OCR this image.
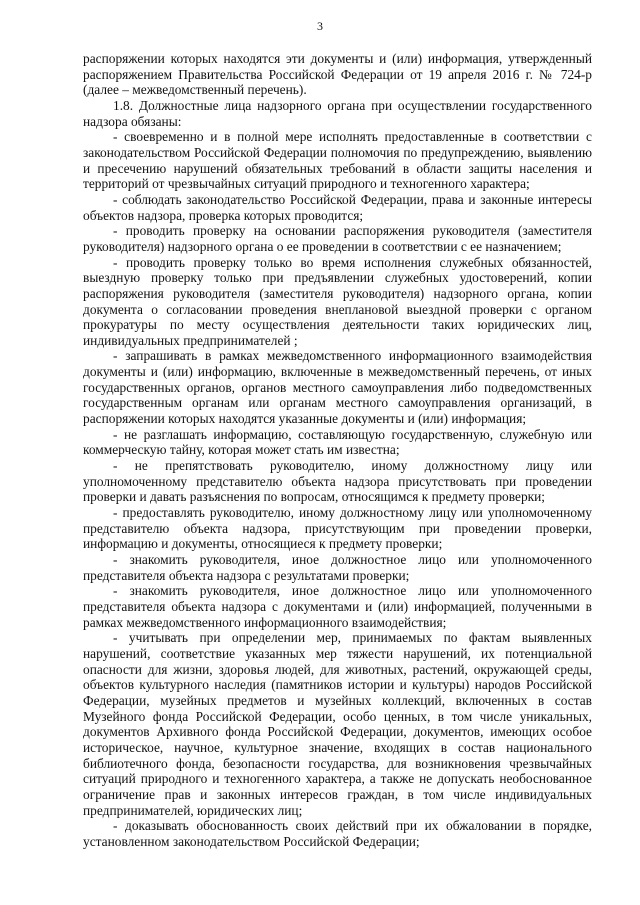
3

распоряжении которых находятся эти документы и (или) информация, утвержденный распоряжением Правительства Российской Федерации от 19 апреля 2016 г. № 724-р (далее – межведомственный перечень).

1.8. Должностные лица надзорного органа при осуществлении государственного надзора обязаны:

- своевременно и в полной мере исполнять предоставленные в соответствии с законодательством Российской Федерации полномочия по предупреждению, выявлению и пресечению нарушений обязательных требований в области защиты населения и территорий от чрезвычайных ситуаций природного и техногенного характера;

- соблюдать законодательство Российской Федерации, права и законные интересы объектов надзора, проверка которых проводится;

- проводить проверку на основании распоряжения руководителя (заместителя руководителя) надзорного органа о ее проведении в соответствии с ее назначением;

- проводить проверку только во время исполнения служебных обязанностей, выездную проверку только при предъявлении служебных удостоверений, копии распоряжения руководителя (заместителя руководителя) надзорного органа, копии документа о согласовании проведения внеплановой выездной проверки с органом прокуратуры по месту осуществления деятельности таких юридических лиц, индивидуальных предпринимателей ;

- запрашивать в рамках межведомственного информационного взаимодействия документы и (или) информацию, включенные в межведомственный перечень, от иных государственных органов, органов местного самоуправления либо подведомственных государственным органам или органам местного самоуправления организаций, в распоряжении которых находятся указанные документы и (или) информация;

- не разглашать информацию, составляющую государственную, служебную или коммерческую тайну, которая может стать им известна;

- не препятствовать руководителю, иному должностному лицу или уполномоченному представителю объекта надзора присутствовать при проведении проверки и давать разъяснения по вопросам, относящимся к предмету проверки;

- предоставлять руководителю, иному должностному лицу или уполномоченному представителю объекта надзора, присутствующим при проведении проверки, информацию и документы, относящиеся к предмету проверки;

- знакомить руководителя, иное должностное лицо или уполномоченного представителя объекта надзора с результатами проверки;

- знакомить руководителя, иное должностное лицо или уполномоченного представителя объекта надзора с документами и (или) информацией, полученными в рамках межведомственного информационного взаимодействия;

- учитывать при определении мер, принимаемых по фактам выявленных нарушений, соответствие указанных мер тяжести нарушений, их потенциальной опасности для жизни, здоровья людей, для животных, растений, окружающей среды, объектов культурного наследия (памятников истории и культуры) народов Российской Федерации, музейных предметов и музейных коллекций, включенных в состав Музейного фонда Российской Федерации, особо ценных, в том числе уникальных, документов Архивного фонда Российской Федерации, документов, имеющих особое историческое, научное, культурное значение, входящих в состав национального библиотечного фонда, безопасности государства, для возникновения чрезвычайных ситуаций природного и техногенного характера, а также не допускать необоснованное ограничение прав и законных интересов граждан, в том числе индивидуальных предпринимателей, юридических лиц;

- доказывать обоснованность своих действий при их обжаловании в порядке, установленном законодательством Российской Федерации;
